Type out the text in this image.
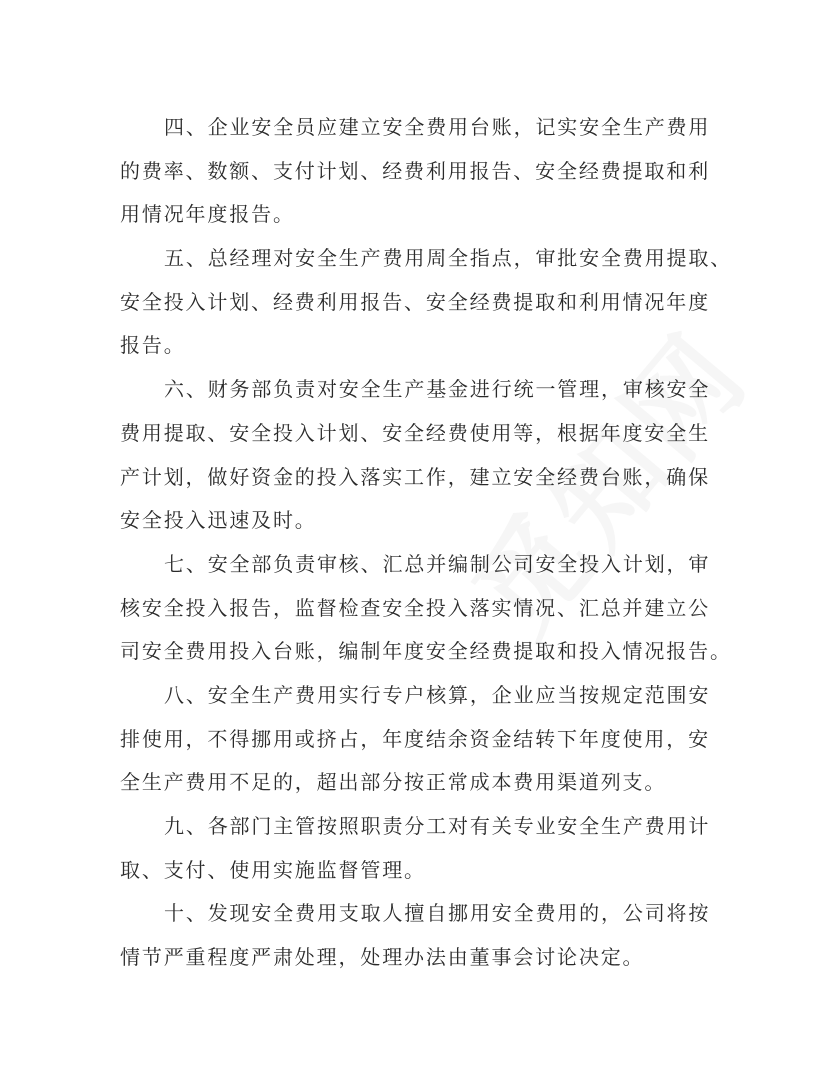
四、企业安全员应建立安全费用台账，记实安全生产费用
的费率、数额、支付计划、经费利用报告、安全经费提取和利
用情况年度报告。
五、总经理对安全生产费用周全指点，审批安全费用提取、
安全投入计划、经费利用报告、安全经费提取和利用情况年度
报告。
六、财务部负责对安全生产基金进行统一管理，审核安全
费用提取、安全投入计划、安全经费使用等，根据年度安全生
产计划，做好资金的投入落实工作，建立安全经费台账，确保
安全投入迅速及时。
七、安全部负责审核、汇总并编制公司安全投入计划，审
核安全投入报告，监督检查安全投入落实情况、汇总并建立公
司安全费用投入台账，编制年度安全经费提取和投入情况报告。
八、安全生产费用实行专户核算，企业应当按规定范围安
排使用，不得挪用或挤占，年度结余资金结转下年度使用，安
全生产费用不足的，超出部分按正常成本费用渠道列支。
九、各部门主管按照职责分工对有关专业安全生产费用计
取、支付、使用实施监督管理。
十、发现安全费用支取人擅自挪用安全费用的，公司将按
情节严重程度严肃处理，处理办法由董事会讨论决定。
